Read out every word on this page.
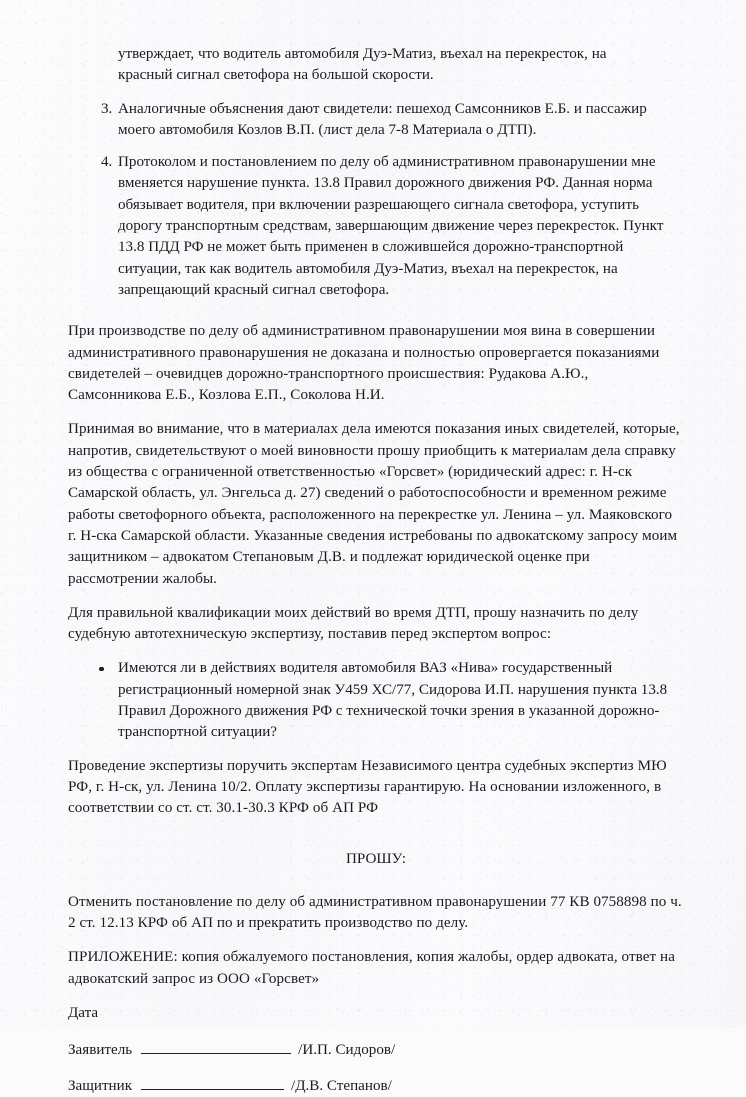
утверждает, что водитель автомобиля Дуэ-Матиз, въехал на перекресток, на
красный сигнал светофора на большой скорости.
3. Аналогичные объяснения дают свидетели: пешеход Самсонников Е.Б. и пассажир моего автомобиля Козлов В.П. (лист дела 7-8 Материала о ДТП).
4. Протоколом и постановлением по делу об административном правонарушении мне вменяется нарушение пункта. 13.8 Правил дорожного движения РФ. Данная норма обязывает водителя, при включении разрешающего сигнала светофора, уступить дорогу транспортным средствам, завершающим движение через перекресток. Пункт 13.8 ПДД РФ не может быть применен в сложившейся дорожно-транспортной ситуации, так как водитель автомобиля Дуэ-Матиз, въехал на перекресток, на запрещающий красный сигнал светофора.

При производстве по делу об административном правонарушении моя вина в совершении административного правонарушения не доказана и полностью опровергается показаниями свидетелей – очевидцев дорожно-транспортного происшествия: Рудакова А.Ю., Самсонникова Е.Б., Козлова Е.П., Соколова Н.И.

Принимая во внимание, что в материалах дела имеются показания иных свидетелей, которые, напротив, свидетельствуют о моей виновности прошу приобщить к материалам дела справку из общества с ограниченной ответственностью «Горсвет» (юридический адрес: г. Н-ск Самарской область, ул. Энгельса д. 27) сведений о работоспособности и временном режиме работы светофорного объекта, расположенного на перекрестке ул. Ленина – ул. Маяковского г. Н-ска Самарской области. Указанные сведения истребованы по адвокатскому запросу моим защитником – адвокатом Степановым Д.В. и подлежат юридической оценке при рассмотрении жалобы.

Для правильной квалификации моих действий во время ДТП, прошу назначить по делу судебную автотехническую экспертизу, поставив перед экспертом вопрос:

Имеются ли в действиях водителя автомобиля ВАЗ «Нива» государственный регистрационный номерной знак У459 ХС/77, Сидорова И.П. нарушения пункта 13.8 Правил Дорожного движения РФ с технической точки зрения в указанной дорожно-транспортной ситуации?

Проведение экспертизы поручить экспертам Независимого центра судебных экспертиз МЮ РФ, г. Н-ск, ул. Ленина 10/2. Оплату экспертизы гарантирую. На основании изложенного, в соответствии со ст. ст. 30.1-30.3 КРФ об АП РФ

ПРОШУ:

Отменить постановление по делу об административном правонарушении 77 КВ 0758898 по ч. 2 ст. 12.13 КРФ об АП по и прекратить производство по делу.

ПРИЛОЖЕНИЕ: копия обжалуемого постановления, копия жалобы, ордер адвоката, ответ на адвокатский запрос из ООО «Горсвет»

Дата
Заявитель	/И.П. Сидоров/
Защитник	/Д.В. Степанов/
